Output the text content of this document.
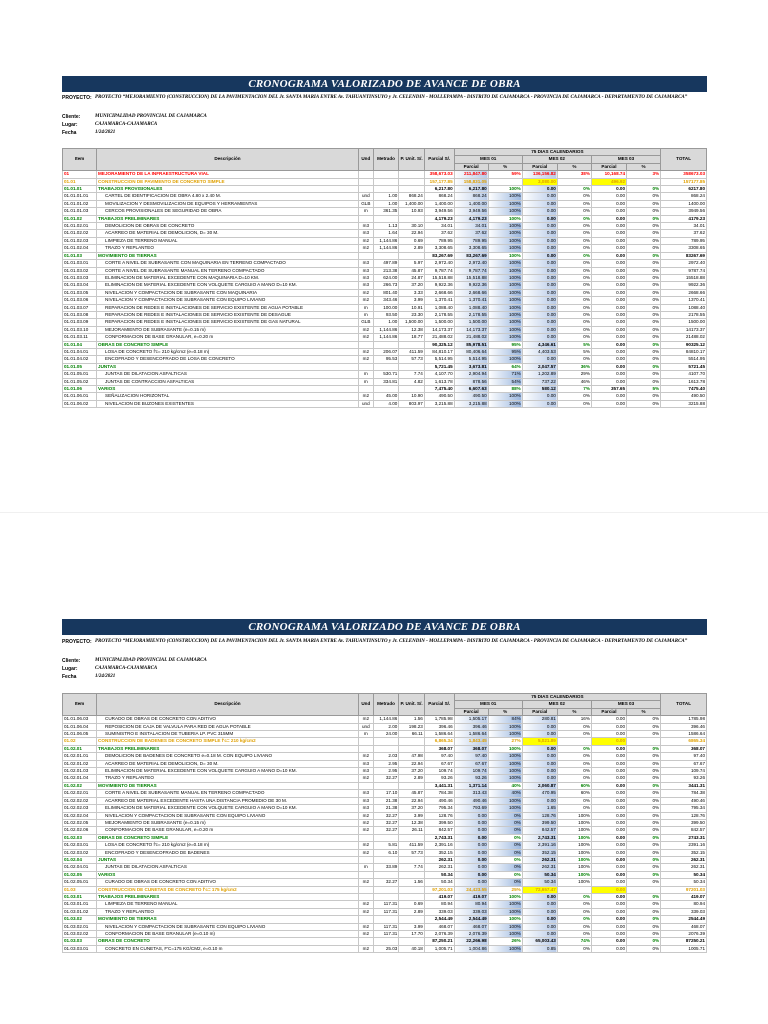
CRONOGRAMA VALORIZADO DE AVANCE DE OBRA
PROYECTO: PROYECTO “MEJORAMIENTO (CONSTRUCCION) DE LA PAVIMENTACION DEL Jr. SANTA MARIA ENTRE Av. TAHUANTINSUYO y Jr. CELENDIN - MOLLEPAMPA - DISTRITO DE CAJAMARCA - PROVINCIA DE CAJAMARCA - DEPARTAMENTO DE CAJAMARCA”
Cliente:	MUNICIPALIDAD PROVINCIAL DE CAJAMARCA
Lugar:	CAJAMARCA-CAJAMARCA
Fecha	1/24/2021
Item	Descripción	Und	Metrado	P. Unit. S/.	Parcial S/.	75 DIAS CALENDARIOS						TOTAL
						MES 01		MES 02		MES 03		
						Parcial	%	Parcial	%	Parcial	%	
01	MEJORAMIENTO DE LA INFRAESTRUCTURA VIAL				358,673.03	211,847.80	59%	136,156.82	38%	10,168.74	3%	358673.03
01.01	CONSTRUCCION DE PAVIMENTO DE CONCRETO SIMPLE				157,177.85	158,831.05		3,080.00		496.92		157177.85
01.01.01	TRABAJOS PROVISIONALES				6,217.80	6,217.80	100%	0.00	0%	0.00	0%	6217.80
01.01.01.01	CARTEL DE IDENTIFICACION DE OBRA 4.80 x 2.40 M.	und	1.00	868.24	868.24	868.24	100%	0.00	0%	0.00	0%	868.24
01.01.01.02	MOVILIZACION Y DESMOVILIZACION DE EQUIPOS Y HERRAMIENTAS	GLB	1.00	1,400.00	1,400.00	1,400.00	100%	0.00	0%	0.00	0%	1400.00
01.01.01.03	CERCOS PROVISIONALES DE SEGURIDAD DE OBRA	m	361.35	10.93	3,949.56	3,949.56	100%	0.00	0%	0.00	0%	3949.56
01.01.02	TRABAJOS PRELIMINARES				4,179.23	4,179.23	100%	0.00	0%	0.00	0%	4179.23
01.01.02.01	DEMOLICION DE OBRAS DE CONCRETO	m3	1.13	30.10	34.01	34.01	100%	0.00	0%	0.00	0%	34.01
01.01.02.02	ACARREO DE MATERIAL DE DEMOLICION, D= 30 M.	m3	1.64	22.94	37.62	37.62	100%	0.00	0%	0.00	0%	37.62
01.01.02.03	LIMPIEZA DE TERRENO MANUAL	m2	1,144.86	0.69	789.95	789.95	100%	0.00	0%	0.00	0%	789.95
01.01.02.04	TRAZO Y REPLANTEO	m2	1,144.86	2.89	3,308.65	3,308.65	100%	0.00	0%	0.00	0%	3308.65
01.01.03	MOVIMIENTO DE TIERRAS				83,267.69	83,267.69	100%	0.00	0%	0.00	0%	83267.69
01.01.03.01	CORTE A NIVEL DE SUBRASANTE CON MAQUINARIA EN TERRENO COMPACTADO	m3	497.89	5.97	2,972.40	2,972.40	100%	0.00	0%	0.00	0%	2972.40
01.01.03.02	CORTE A NIVEL DE SUBRASANTE MANUAL EN TERRENO COMPACTADO	m3	213.38	45.87	9,787.74	9,787.74	100%	0.00	0%	0.00	0%	9787.74
01.01.03.03	ELIMINACION DE MATERIAL EXCEDENTE CON MAQUINARIA D=10 KM.	m3	624.00	24.87	15,518.88	15,518.88	100%	0.00	0%	0.00	0%	15518.88
01.01.03.04	ELIMINACION DE MATERIAL EXCEDENTE CON VOLQUETE CARGUIO A MANO D=10 KM.	m3	266.73	37.20	9,922.36	9,922.36	100%	0.00	0%	0.00	0%	9922.36
01.01.03.05	NIVELACION Y COMPACTACION DE SUBRASANTE CON MAQUINARIA	m2	801.40	3.33	2,668.66	2,668.66	100%	0.00	0%	0.00	0%	2668.66
01.01.03.06	NIVELACION Y COMPACTACION DE SUBRASANTE CON EQUIPO LIVIANO	m2	343.46	3.99	1,370.41	1,370.41	100%	0.00	0%	0.00	0%	1370.41
01.01.03.07	REPARACION DE REDES E INSTALACIONES DE SERVICIO EXISTENTE DE AGUA POTABLE	m	100.00	10.91	1,088.40	1,088.40	100%	0.00	0%	0.00	0%	1088.40
01.01.03.08	REPARACION DE REDES E INSTALACIONES DE SERVICIO EXISTENTE DE DESAGUE	m	93.50	23.30	2,178.55	2,178.55	100%	0.00	0%	0.00	0%	2178.55
01.01.03.09	REPARACION DE REDES E INSTALACIONES DE SERVICIO EXISTENTE DE GAS NATURAL	GLB	1.00	1,500.00	1,500.00	1,500.00	100%	0.00	0%	0.00	0%	1500.00
01.01.03.10	MEJORAMIENTO DE SUBRASANTE (e=0.15 m)	m2	1,144.86	12.38	14,173.37	14,173.37	100%	0.00	0%	0.00	0%	14173.37
01.01.03.11	CONFORMACION DE BASE GRANULAR, e=0.20 m	m2	1,144.86	18.77	21,488.02	21,488.02	100%	0.00	0%	0.00	0%	21488.02
01.01.04	OBRAS DE CONCRETO SIMPLE				90,325.12	85,978.51	95%	4,346.61	5%	0.00	0%	90325.12
01.01.04.01	LOSA DE CONCRETO f'c= 210 kg/cm2 (e=0.18 m)	m2	206.07	411.59	84,810.17	80,406.64	95%	4,403.53	5%	0.00	0%	84810.17
01.01.04.02	ENCOFRADO Y DESENCOFRADO DE LOSA DE CONCRETO	m2	95.53	57.73	5,514.95	5,514.95	100%	0.00	0%	0.00	0%	5514.95
01.01.05	JUNTAS				5,721.45	3,673.81	64%	2,047.57	36%	0.00	0%	5721.45
01.01.05.01	JUNTAS DE DILATACION ASFALTICAS	m	530.71	7.74	4,107.70	2,904.94	71%	1,202.89	29%	0.00	0%	4107.70
01.01.05.02	JUNTAS DE CONTRACCION ASFALTICAS	m	334.81	4.82	1,613.78	878.56	54%	737.22	46%	0.00	0%	1613.78
01.01.06	VARIOS				7,475.40	6,607.63	88%	580.12	7%	357.65	5%	7475.40
01.01.06.01	SEÑALIZACION HORIZONTAL	m2	45.00	10.90	490.50	490.50	100%	0.00	0%	0.00	0%	490.50
01.01.06.02	NIVELACION DE BUZONES EXISTENTES	und	4.00	803.97	3,215.88	3,215.88	100%	0.00	0%	0.00	0%	3215.88
CRONOGRAMA VALORIZADO DE AVANCE DE OBRA
PROYECTO: PROYECTO “MEJORAMIENTO (CONSTRUCCION) DE LA PAVIMENTACION DEL Jr. SANTA MARIA ENTRE Av. TAHUANTINSUYO y Jr. CELENDIN - MOLLEPAMPA - DISTRITO DE CAJAMARCA - PROVINCIA DE CAJAMARCA - DEPARTAMENTO DE CAJAMARCA”
Cliente:	MUNICIPALIDAD PROVINCIAL DE CAJAMARCA
Lugar:	CAJAMARCA-CAJAMARCA
Fecha	1/24/2021
Item	Descripción	Und	Metrado	P. Unit. S/.	Parcial S/.	75 DIAS CALENDARIOS						TOTAL
						MES 01		MES 02		MES 03		
						Parcial	%	Parcial	%	Parcial	%	
01.01.06.03	CURADO DE OBRAS DE CONCRETO CON ADITIVO	m2	1,144.86	1.56	1,785.98	1,505.17	84%	280.81	16%	0.00	0%	1785.98
01.01.06.04	REPOSICION DE CAJA DE VALVULA PARA RED DE AGUA POTABLE	und	2.00	198.23	396.46	396.46	100%	0.00	0%	0.00	0%	396.46
01.01.06.05	SUMINISTRO E INSTALACION DE TUBERIA LP. PVC 315MM	m	24.00	66.11	1,586.64	1,586.64	100%	0.00	0%	0.00	0%	1586.64
01.02	CONSTRUCCION DE BADENES DE CONCRETO SIMPLE f'c= 210 kg/cm2				6,865.34	1,843.45	27%	5,021.89		0.00		6865.34
01.02.01	TRABAJOS PRELIMINARES				368.07	368.07	100%	0.00	0%	0.00	0%	368.07
01.02.01.01	DEMOLICION DE BADENES DE CONCRETO e=0.18 M. CON EQUIPO LIVIANO	m2	2.03	47.98	97.40	97.40	100%	0.00	0%	0.00	0%	97.40
01.02.01.02	ACARREO DE MATERIAL DE DEMOLICION, D= 30 M.	m3	2.95	22.94	67.67	67.67	100%	0.00	0%	0.00	0%	67.67
01.02.01.03	ELIMINACION DE MATERIAL EXCEDENTE CON VOLQUETE CARGUIO A MANO D=10 KM.	m3	2.95	37.20	109.74	109.74	100%	0.00	0%	0.00	0%	109.74
01.02.01.04	TRAZO Y REPLANTEO	m2	32.27	2.89	93.26	93.26	100%	0.00	0%	0.00	0%	93.26
01.02.02	MOVIMIENTO DE TIERRAS				3,441.31	1,371.14	40%	2,060.87	60%	0.00	0%	3441.31
01.02.02.01	CORTE A NIVEL DE SUBRASANTE MANUAL EN TERRENO COMPACTADO	m3	17.10	45.87	784.38	313.43	40%	470.95	60%	0.00	0%	784.38
01.02.02.02	ACARREO DE MATERIAL EXCEDENTE HASTA UNA DISTANCIA PROMEDIO DE 30 M.	m3	21.38	22.94	490.46	490.46	100%	0.00	0%	0.00	0%	490.46
01.02.02.03	ELIMINACION DE MATERIAL EXCEDENTE CON VOLQUETE CARGUIO A MANO D=10 KM.	m3	21.38	37.20	795.34	793.69	100%	1.65	0%	0.00	0%	795.34
01.02.02.04	NIVELACION Y COMPACTACION DE SUBRASANTE CON EQUIPO LIVIANO	m2	32.27	3.99	128.76	0.00	0%	128.76	100%	0.00	0%	128.76
01.02.02.05	MEJORAMIENTO DE SUBRASANTE (e=0.15 m)	m2	32.27	12.38	399.50	0.00	0%	399.50	100%	0.00	0%	399.50
01.02.02.06	CONFORMACION DE BASE GRANULAR, e=0.20 m	m2	32.27	26.11	842.57	0.00	0%	842.57	100%	0.00	0%	842.57
01.02.03	OBRAS DE CONCRETO SIMPLE				2,743.31	0.00	0%	2,743.31	100%	0.00	0%	2743.31
01.02.03.01	LOSA DE CONCRETO f'c= 210 kg/cm2 (e=0.18 m)	m2	5.81	411.59	2,391.16	0.00	0%	2,391.16	100%	0.00	0%	2391.16
01.02.03.02	ENCOFRADO Y DESENCOFRADO DE BADENES	m2	6.10	57.73	352.15	0.00	0%	352.15	100%	0.00	0%	352.15
01.02.04	JUNTAS				262.31	0.00	0%	262.31	100%	0.00	0%	262.31
01.02.04.01	JUNTAS DE DILATACION ASFALTICAS	m	33.89	7.74	262.31	0.00	0%	262.31	100%	0.00	0%	262.31
01.02.05	VARIOS				50.34	0.00	0%	50.34	100%	0.00	0%	50.34
01.02.05.01	CURADO DE OBRAS DE CONCRETO CON ADITIVO	m2	32.27	1.56	50.34	0.00	0%	50.34	100%	0.00	0%	50.34
01.03	CONSTRUCCION DE CUNETAS DE CONCRETO f'c= 175 kg/cm2				97,201.03	24,423.55	25%	72,657.47		0.00		97201.03
01.03.01	TRABAJOS PRELIMINARES				419.07	419.07	100%	0.00	0%	0.00	0%	419.07
01.03.01.01	LIMPIEZA DE TERRENO MANUAL	m2	117.31	0.69	80.94	80.94	100%	0.00	0%	0.00	0%	80.94
01.03.01.02	TRAZO Y REPLANTEO	m2	117.31	2.89	339.03	339.03	100%	0.00	0%	0.00	0%	339.03
01.03.02	MOVIMIENTO DE TIERRAS				2,544.49	2,544.49	100%	0.00	0%	0.00	0%	2544.49
01.03.02.01	NIVELACION Y COMPACTACION DE SUBRASANTE CON EQUIPO LIVIANO	m2	117.31	3.99	468.07	468.07	100%	0.00	0%	0.00	0%	468.07
01.03.02.02	CONFORMACION DE BASE GRANULAR (e=0.10 m)	m2	117.31	17.70	2,076.39	2,076.39	100%	0.00	0%	0.00	0%	2076.39
01.03.03	OBRAS DE CONCRETO				87,250.21	22,266.98	26%	65,003.43	74%	0.00	0%	87250.21
01.03.03.01	CONCRETO EN CUNETAS, F'C=175 KG/CM2, e=0.10 m	m2	25.03	40.18	1,005.71	1,004.86	100%	0.85	0%	0.00	0%	1005.71
